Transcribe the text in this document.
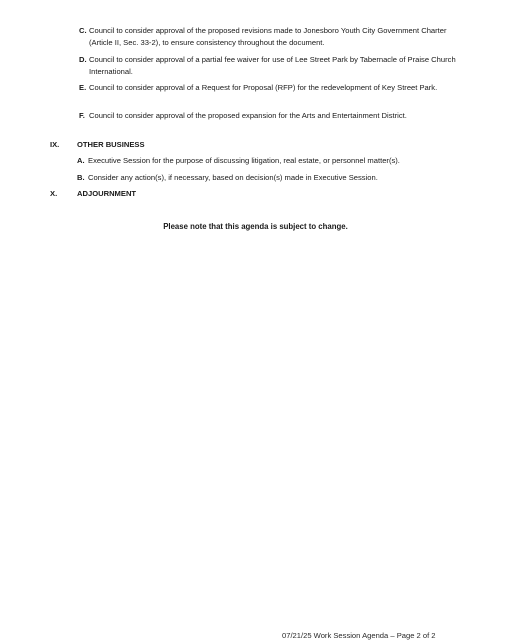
C. Council to consider approval of the proposed revisions made to Jonesboro Youth City Government Charter (Article II, Sec. 33-2), to ensure consistency throughout the document.
D. Council to consider approval of a partial fee waiver for use of Lee Street Park by Tabernacle of Praise Church International.
E. Council to consider approval of a Request for Proposal (RFP) for the redevelopment of Key Street Park.
F. Council to consider approval of the proposed expansion for the Arts and Entertainment District.
IX. OTHER BUSINESS
A. Executive Session for the purpose of discussing litigation, real estate, or personnel matter(s).
B. Consider any action(s), if necessary, based on decision(s) made in Executive Session.
X.	ADJOURNMENT
Please note that this agenda is subject to change.
07/21/25 Work Session Agenda – Page 2 of 2
